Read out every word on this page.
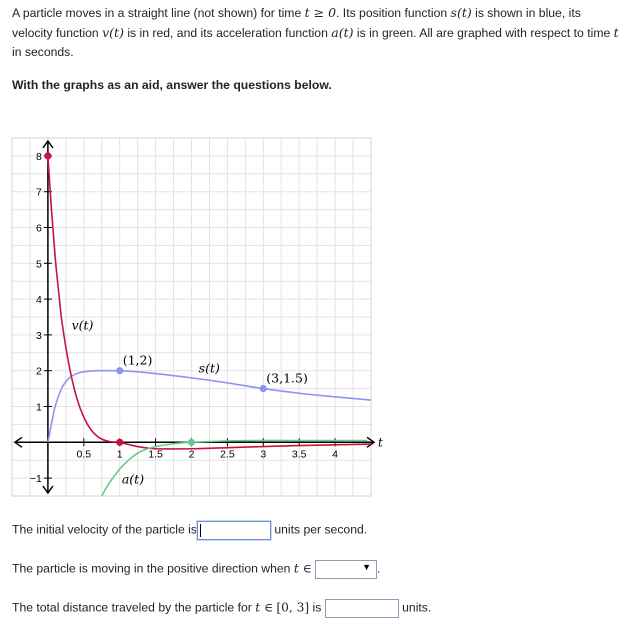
A particle moves in a straight line (not shown) for time t ≥ 0. Its position function s(t) is shown in blue, its velocity function v(t) is in red, and its acceleration function a(t) is in green. All are graphed with respect to time t in seconds.
With the graphs as an aid, answer the questions below.
t
0.5 1 1.5 2 2.5 3 3.5 4
−1
1
2
3
4
5
6
7
8
(1,2)
(3,1.5)
s(t)
v(t)
a(t)
The initial velocity of the particle is	units per second.
The particle is moving in the positive direction when t ∈	▼ .
The total distance traveled by the particle for t ∈ [0, 3] is	units.
